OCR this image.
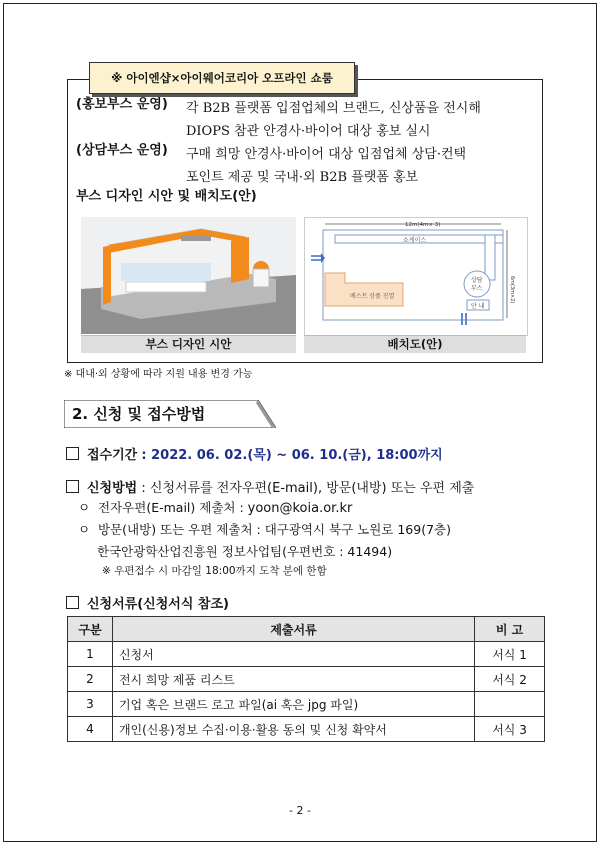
※ 아이엔샵×아이웨어코리아 오프라인 쇼룸
(홍보부스 운영) 각 B2B 플랫폼 입점업체의 브랜드, 신상품을 전시해
DIOPS 참관 안경사·바이어 대상 홍보 실시
(상담부스 운영) 구매 희망 안경사·바이어 대상 입점업체 상담·컨택
포인트 제공 및 국내·외 B2B 플랫폼 홍보
부스 디자인 시안 및 배치도(안)
12m(4m× 3)
6m(3m×2)
쇼케이스
베스트 상품 진열
상담
부스
안 내
부스 디자인 시안	배치도(안)
※ 대내·외 상황에 따라 지원 내용 변경 가능
2. 신청 및 접수방법
접수기간 : 2022. 06. 02.(목) ~ 06. 10.(금), 18:00까지
신청방법 : 신청서류를 전자우편(E-mail), 방문(내방) 또는 우편 제출
ㅇ 전자우편(E-mail) 제출처 : yoon@koia.or.kr
ㅇ 방문(내방) 또는 우편 제출처 : 대구광역시 북구 노원로 169(7층)
한국안광학산업진흥원 정보사업팀(우편번호 : 41494)
※ 우편접수 시 마감일 18:00까지 도착 분에 한함
신청서류(신청서식 참조)
구분	제출서류	비 고
1	신청서	서식 1
2	전시 희망 제품 리스트	서식 2
3	기업 혹은 브랜드 로고 파일(ai 혹은 jpg 파일)	
4	개인(신용)정보 수집·이용·활용 동의 및 신청 확약서	서식 3
- 2 -
